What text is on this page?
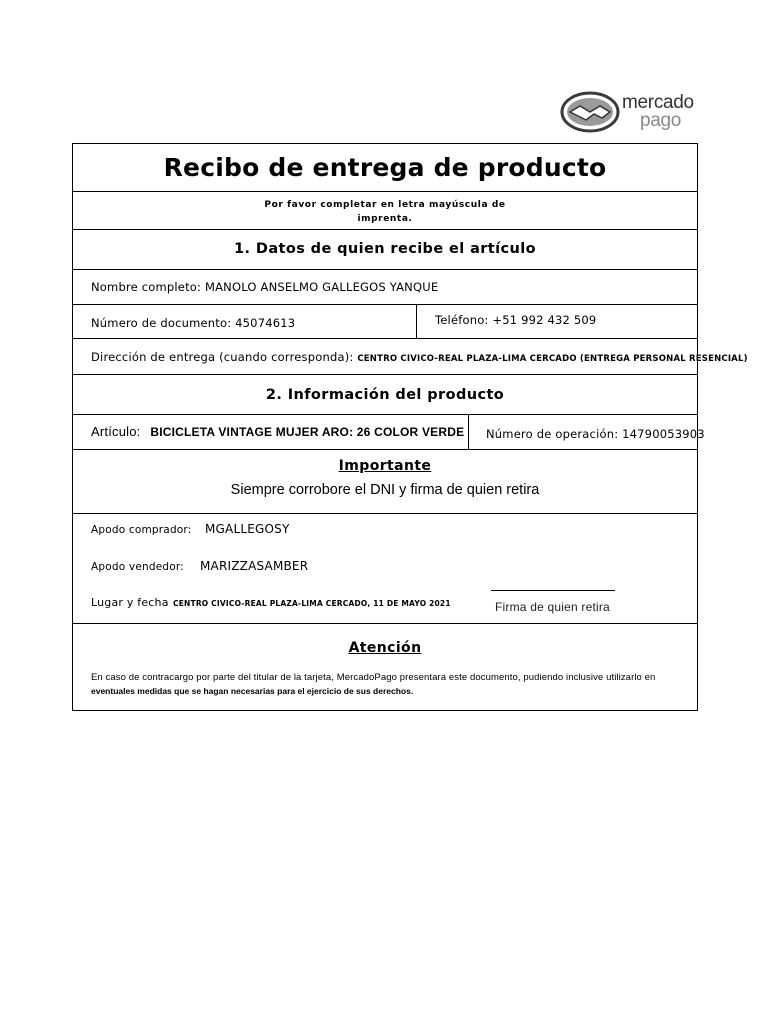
mercado
pago
Recibo de entrega de producto
Por favor completar en letra mayúscula de
imprenta.
1. Datos de quien recibe el artículo
Nombre completo: MANOLO ANSELMO GALLEGOS YANQUE
Número de documento: 45074613	Teléfono: +51 992 432 509
Dirección de entrega (cuando corresponda): CENTRO CIVICO-REAL PLAZA-LIMA CERCADO (ENTREGA PERSONAL RESENCIAL)
2. Información del producto
Artículo: BICICLETA VINTAGE MUJER ARO: 26 COLOR VERDE Número de operación: 14790053903
Importante
Siempre corrobore el DNI y firma de quien retira
Apodo comprador: MGALLEGOSY
Apodo vendedor: MARIZZASAMBER
Lugar y fecha CENTRO CIVICO-REAL PLAZA-LIMA CERCADO, 11 DE MAYO 2021	Firma de quien retira
Atención
En caso de contracargo por parte del titular de la tarjeta, MercadoPago presentara este documento, pudiendo inclusive utilizarlo en
eventuales medidas que se hagan necesarias para el ejercicio de sus derechos.
